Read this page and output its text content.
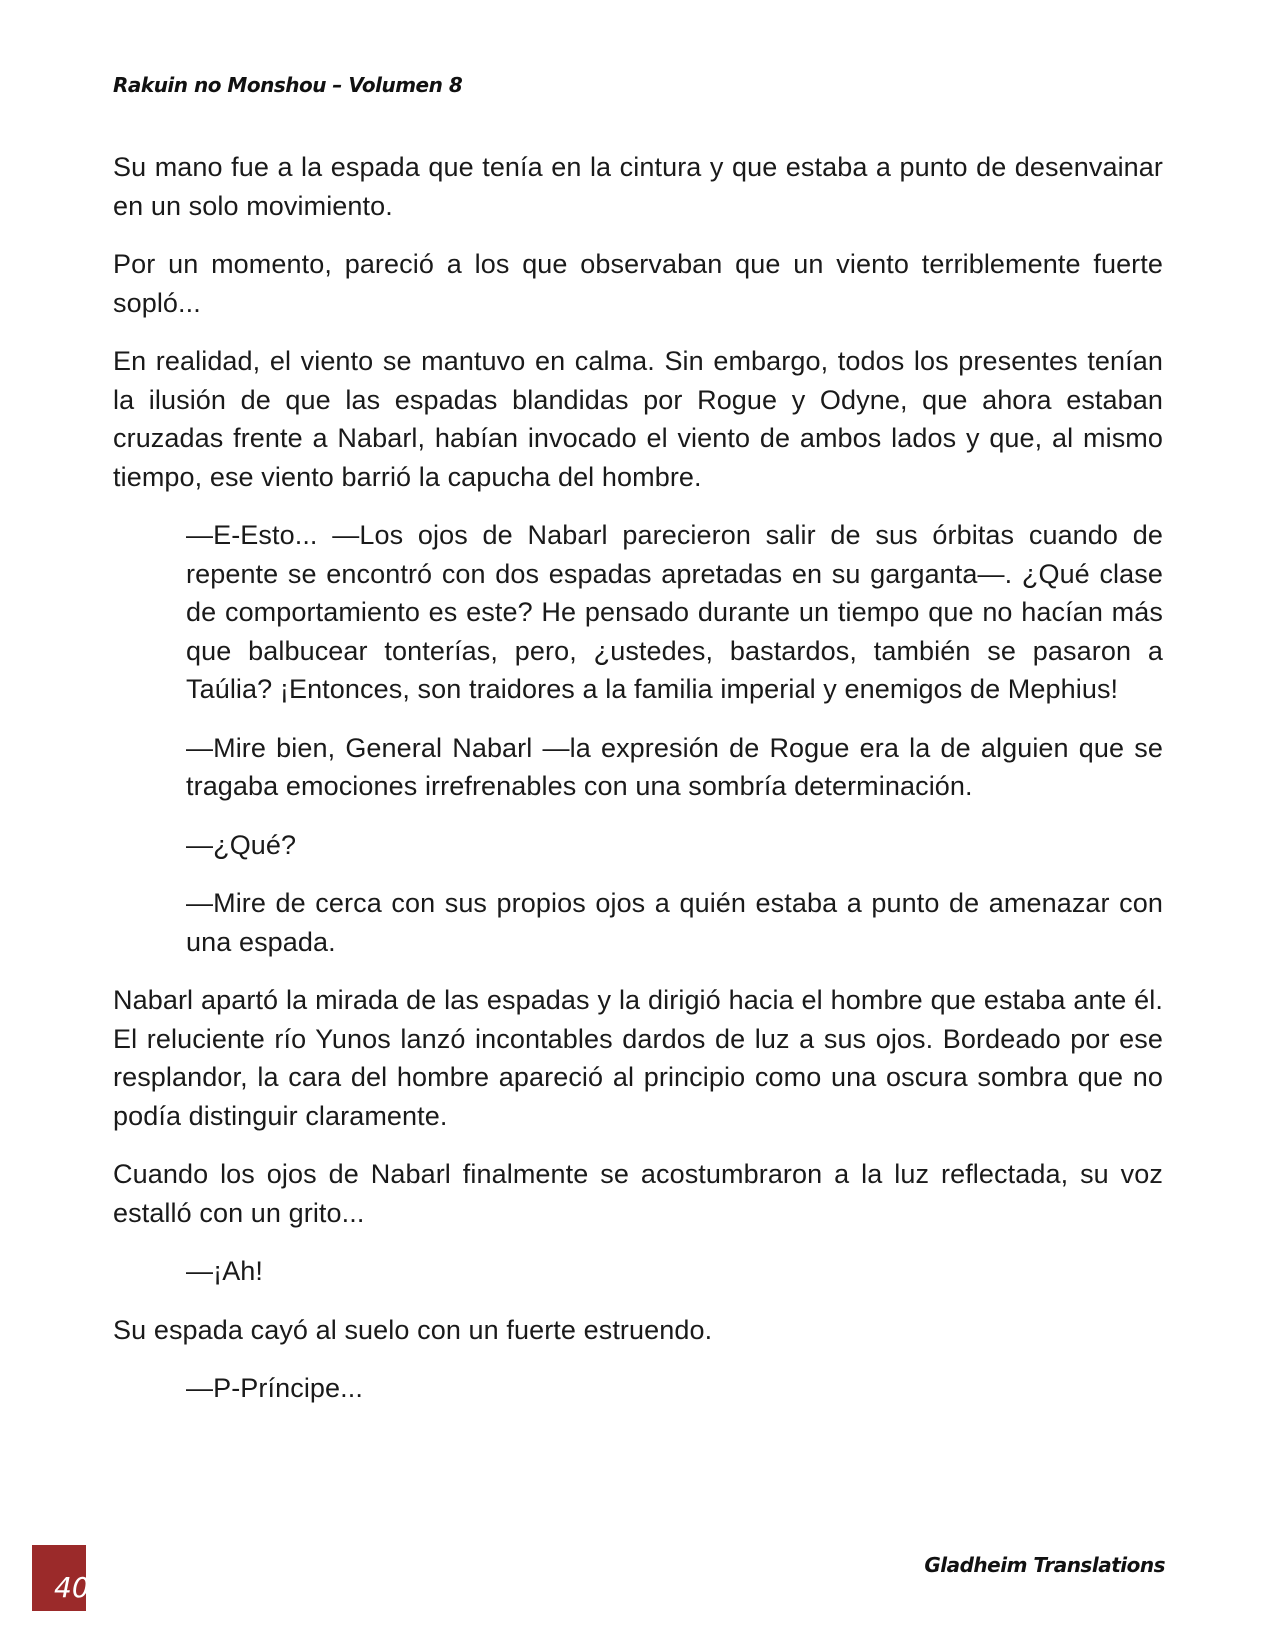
Rakuin no Monshou – Volumen 8

Su mano fue a la espada que tenía en la cintura y que estaba a punto de desenvainar en un solo movimiento.

Por un momento, pareció a los que observaban que un viento terriblemente fuerte sopló...

En realidad, el viento se mantuvo en calma. Sin embargo, todos los presentes tenían la ilusión de que las espadas blandidas por Rogue y Odyne, que ahora estaban cruzadas frente a Nabarl, habían invocado el viento de ambos lados y que, al mismo tiempo, ese viento barrió la capucha del hombre.

—E-Esto... —Los ojos de Nabarl parecieron salir de sus órbitas cuando de repente se encontró con dos espadas apretadas en su garganta—. ¿Qué clase de comportamiento es este? He pensado durante un tiempo que no hacían más que balbucear tonterías, pero, ¿ustedes, bastardos, también se pasaron a Taúlia? ¡Entonces, son traidores a la familia imperial y enemigos de Mephius!

—Mire bien, General Nabarl —la expresión de Rogue era la de alguien que se tragaba emociones irrefrenables con una sombría determinación.

—¿Qué?

—Mire de cerca con sus propios ojos a quién estaba a punto de amenazar con una espada.

Nabarl apartó la mirada de las espadas y la dirigió hacia el hombre que estaba ante él. El reluciente río Yunos lanzó incontables dardos de luz a sus ojos. Bordeado por ese resplandor, la cara del hombre apareció al principio como una oscura sombra que no podía distinguir claramente.

Cuando los ojos de Nabarl finalmente se acostumbraron a la luz reflectada, su voz estalló con un grito...

—¡Ah!

Su espada cayó al suelo con un fuerte estruendo.

—P-Príncipe...

40
Gladheim Translations
